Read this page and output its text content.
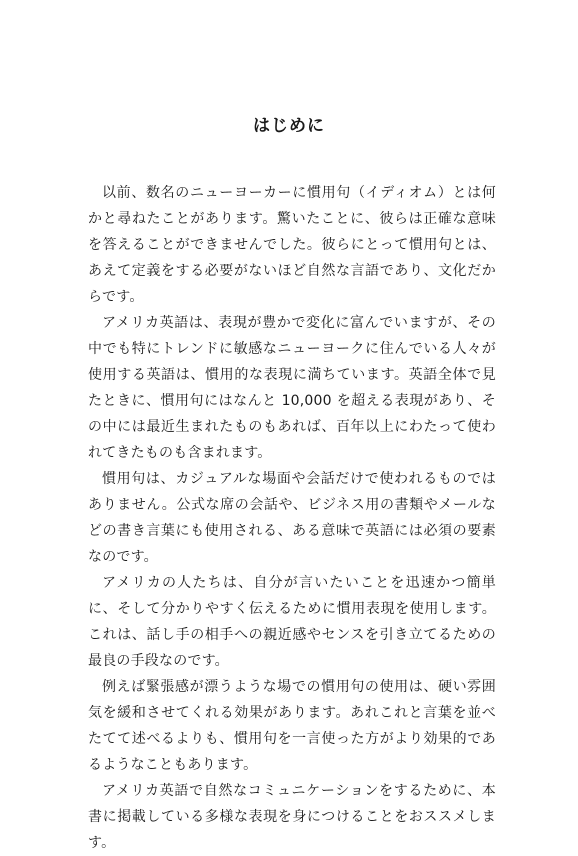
はじめに

以前、数名のニューヨーカーに慣用句（イディオム）とは何かと尋ねたことがあります。驚いたことに、彼らは正確な意味を答えることができませんでした。彼らにとって慣用句とは、あえて定義をする必要がないほど自然な言語であり、文化だからです。

アメリカ英語は、表現が豊かで変化に富んでいますが、その中でも特にトレンドに敏感なニューヨークに住んでいる人々が使用する英語は、慣用的な表現に満ちています。英語全体で見たときに、慣用句にはなんと 10,000 を超える表現があり、その中には最近生まれたものもあれば、百年以上にわたって使われてきたものも含まれます。

慣用句は、カジュアルな場面や会話だけで使われるものではありません。公式な席の会話や、ビジネス用の書類やメールなどの書き言葉にも使用される、ある意味で英語には必須の要素なのです。

アメリカの人たちは、自分が言いたいことを迅速かつ簡単に、そして分かりやすく伝えるために慣用表現を使用します。これは、話し手の相手への親近感やセンスを引き立てるための最良の手段なのです。

例えば緊張感が漂うような場での慣用句の使用は、硬い雰囲気を緩和させてくれる効果があります。あれこれと言葉を並べたてて述べるよりも、慣用句を一言使った方がより効果的であるようなこともあります。

アメリカ英語で自然なコミュニケーションをするために、本書に掲載している多様な表現を身につけることをおススメします。
